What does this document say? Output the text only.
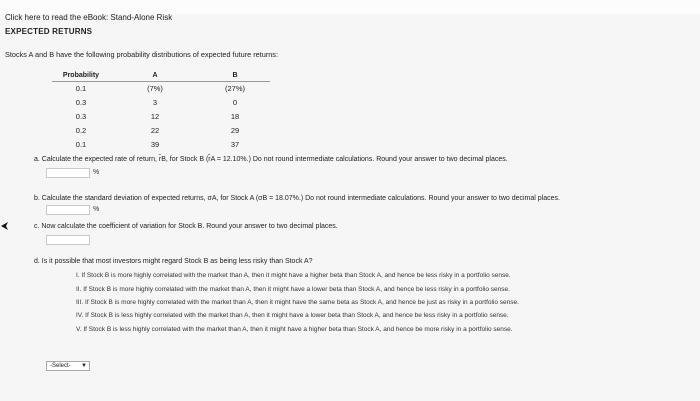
Click here to read the eBook: Stand-Alone Risk
EXPECTED RETURNS
Stocks A and B have the following probability distributions of expected future returns:
Probability	A	B
0.1	(7%)	(27%)
0.3	3	0
0.3	12	18
0.2	22	29
0.1	39	37
a. Calculate the expected rate of return, r̂B, for Stock B (r̂A = 12.10%.) Do not round intermediate calculations. Round your answer to two decimal places.
%
b. Calculate the standard deviation of expected returns, σA, for Stock A (σB = 18.07%.) Do not round intermediate calculations. Round your answer to two decimal places.
%
c. Now calculate the coefficient of variation for Stock B. Round your answer to two decimal places.
d. Is it possible that most investors might regard Stock B as being less risky than Stock A?
I. If Stock B is more highly correlated with the market than A, then it might have a higher beta than Stock A, and hence be less risky in a portfolio sense.
II. If Stock B is more highly correlated with the market than A, then it might have a lower beta than Stock A, and hence be less risky in a portfolio sense.
III. If Stock B is more highly correlated with the market than A, then it might have the same beta as Stock A, and hence be just as risky in a portfolio sense.
IV. If Stock B is less highly correlated with the market than A, then it might have a lower beta than Stock A, and hence be less risky in a portfolio sense.
V. If Stock B is less highly correlated with the market than A, then it might have a higher beta than Stock A, and hence be more risky in a portfolio sense.
-Select- ▼
